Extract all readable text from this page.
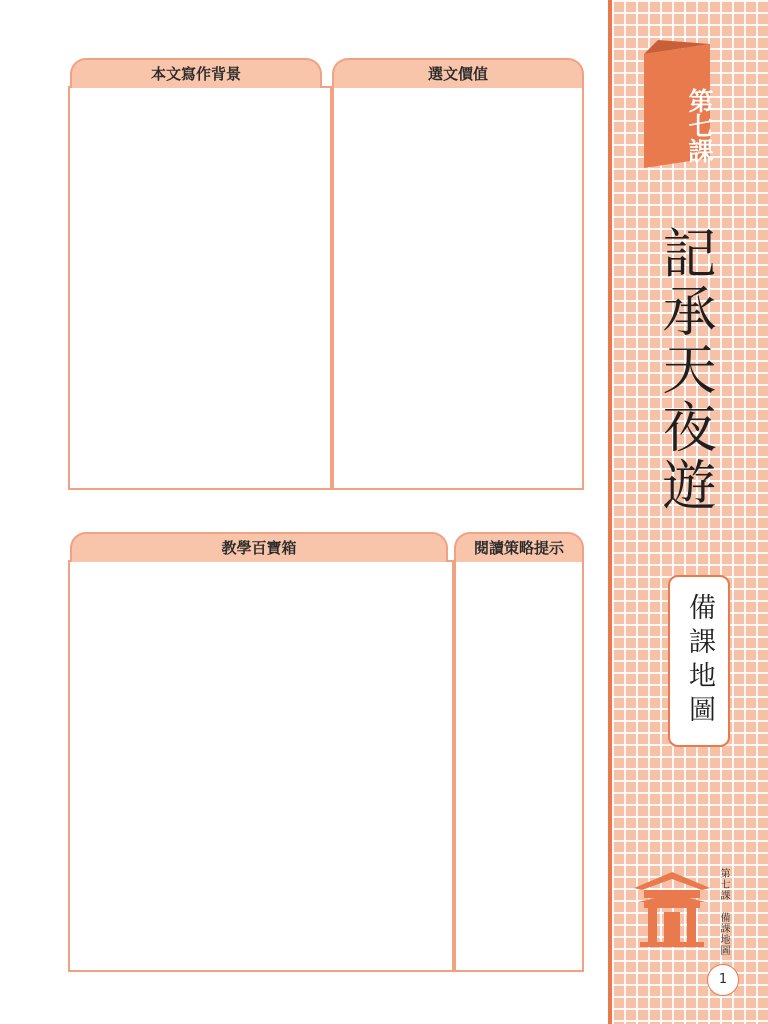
第七課
記承天夜遊
備課地圖
第七課　備課地圖
1
選文價值
本文寫作背景
閱讀策略提示
教學百寶箱
